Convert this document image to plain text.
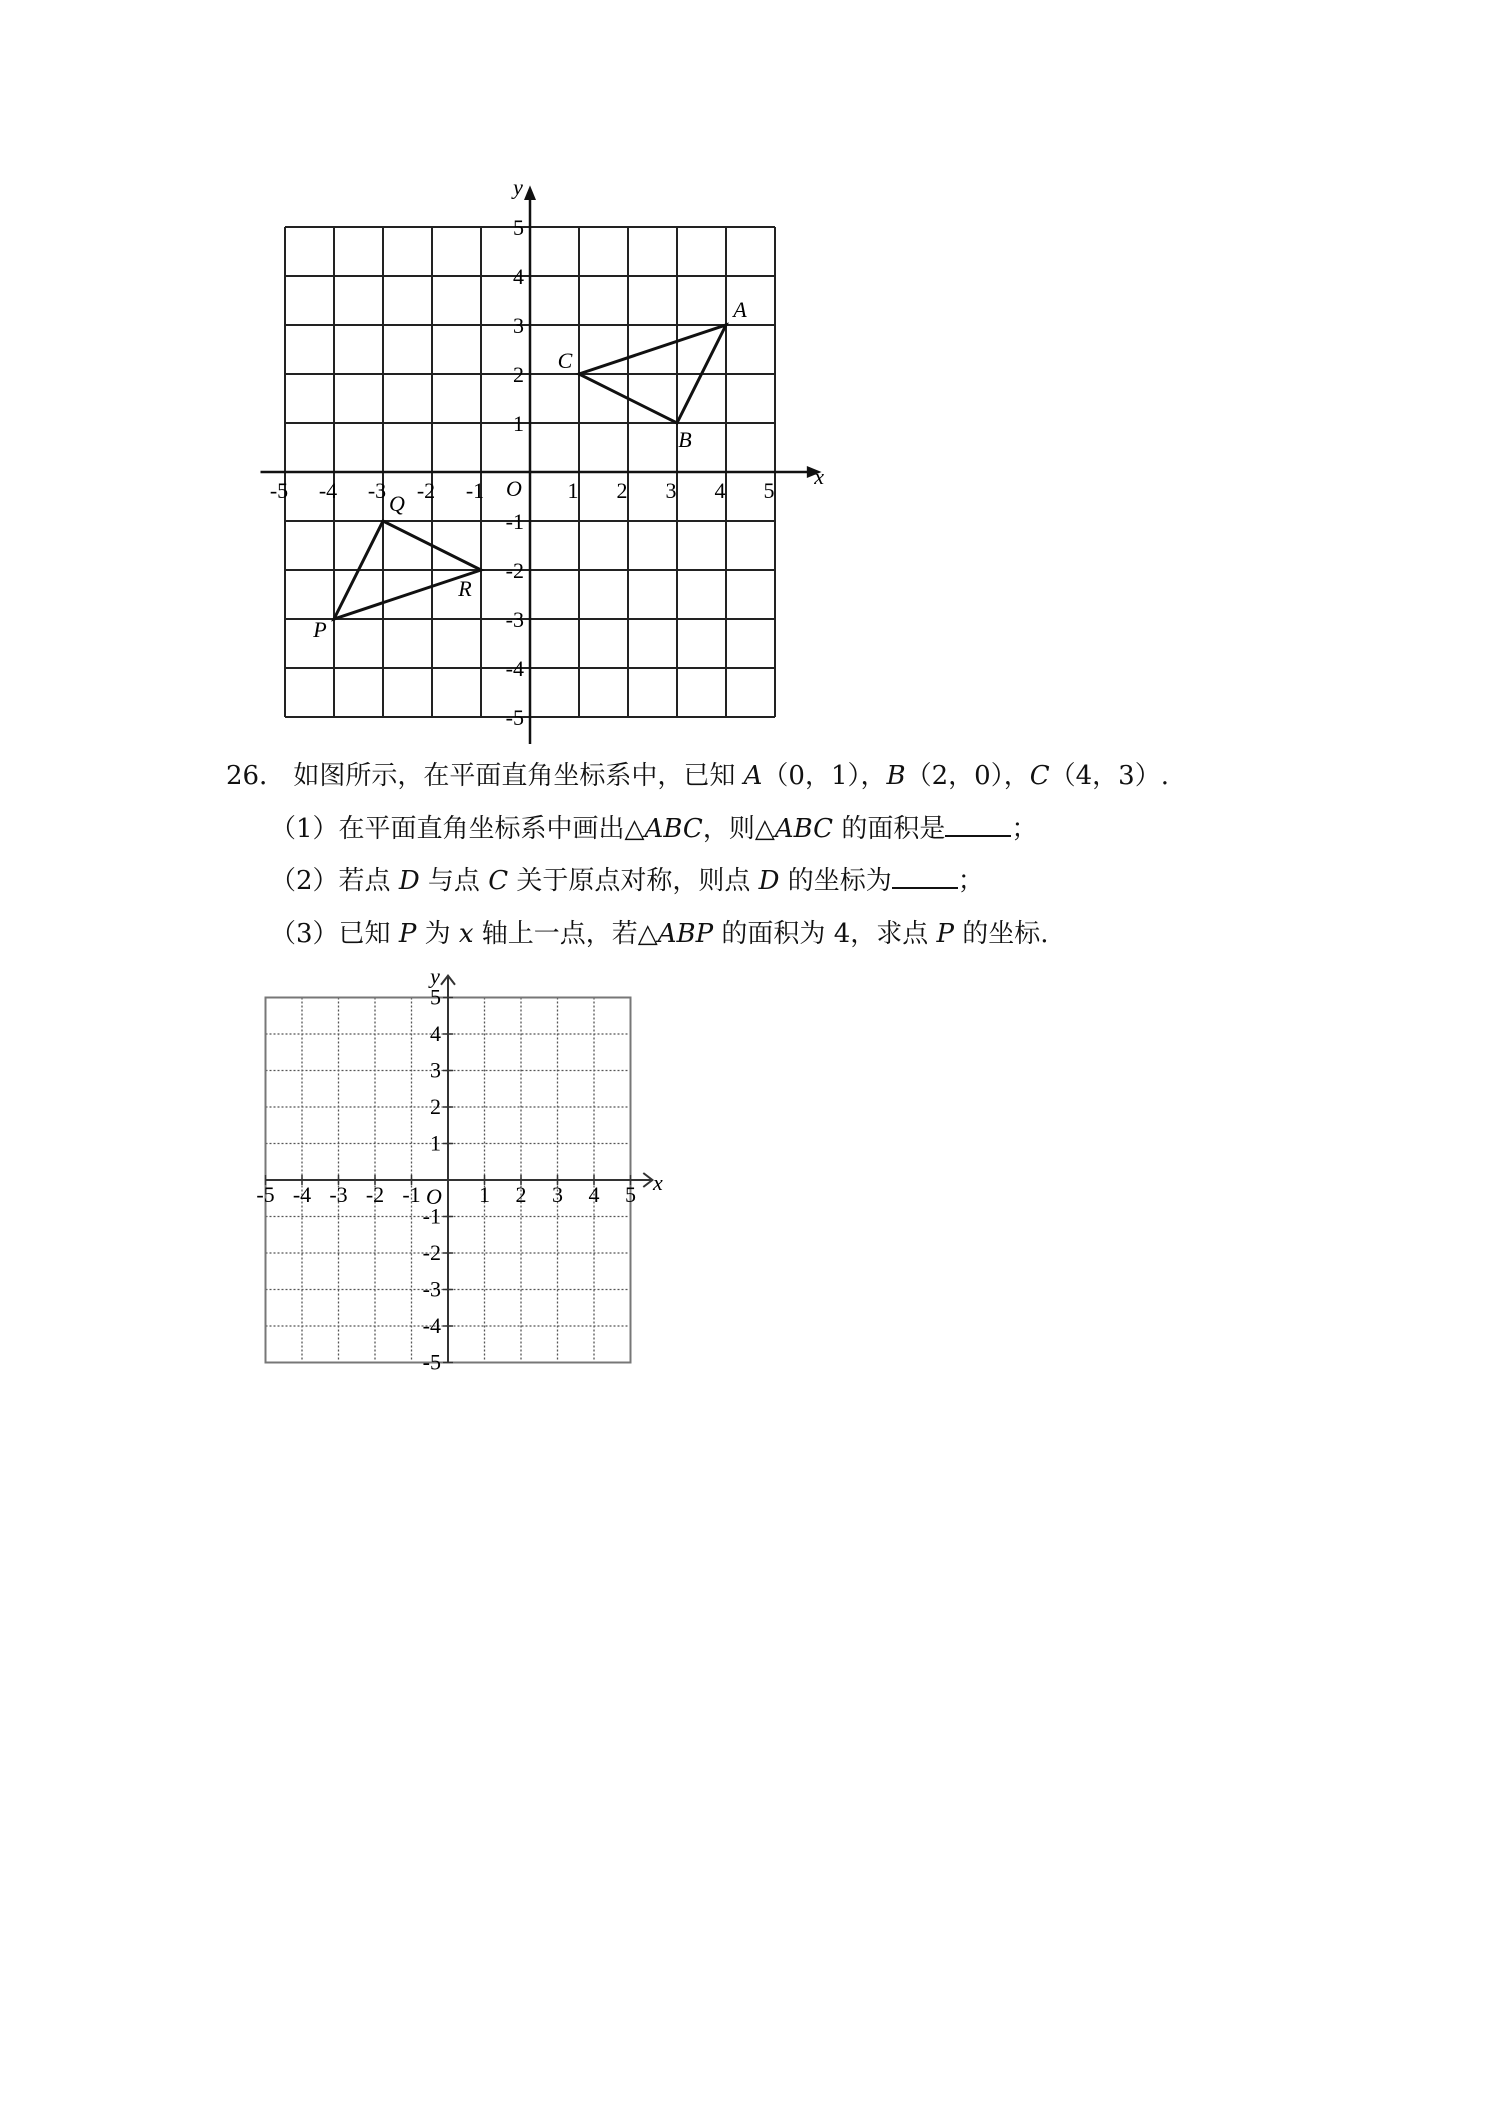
-5 -4 -3 -2 -1	1 2 3 4 5
5
4
3
2
1
-1
-2
-3
-4
-5
O	x
y
A
B
C
P
Q
R
26． 如图所示，在平面直角坐标系中，已知 A（0，1），B（2，0），C（4，3）.
（1）在平面直角坐标系中画出△ABC，则△ABC 的面积是	；
（2）若点 D 与点 C 关于原点对称，则点 D 的坐标为	；
（3）已知 P 为 x 轴上一点，若△ABP 的面积为 4，求点 P 的坐标.
-5 -4 -3 -2 -1	1 2 3 4 5
5
4
3
2
1
-1
-2
-3
-4
-5
O
x
y
